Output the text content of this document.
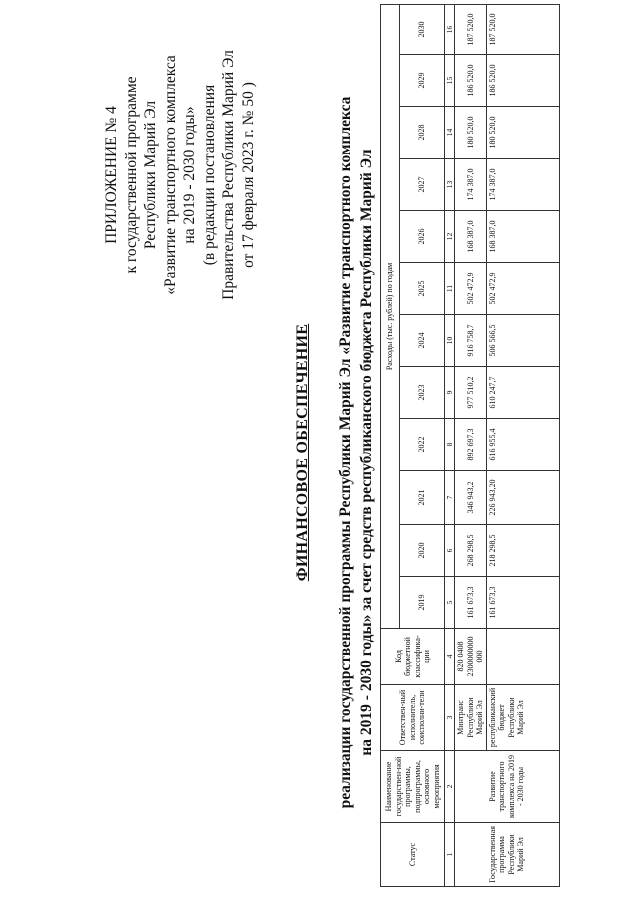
ПРИЛОЖЕНИЕ № 4 к государственной программе Республики Марий Эл «Развитие транспортного комплекса на 2019 - 2030 годы» (в редакции постановления Правительства Республики Марий Эл от 17 февраля 2023 г. № 50 )
ФИНАНСОВОЕ ОБЕСПЕЧЕНИЕ реализации государственной программы Республики Марий Эл «Развитие транспортного комплекса на 2019 - 2030 годы» за счет средств республиканского бюджета Республики Марий Эл
Статус	Наименование государствен-ной программы, подпрограммы, основного мероприятия	Ответствен-ный исполнитель, соисполни-тели	Код бюджетной классифика-ции	Расходы (тыс. рублей) по годам											
				2019	2020	2021	2022	2023	2024	2025	2026	2027	2028	2029	2030
1	2	3	4	5	6	7	8	9	10	11	12	13	14	15	16
Государственная программа Республики Марий Эл	Развитие транспортного комплекса на 2019 - 2030 годы	Минтранс Республики Марий Эл	820 0408 2300000000 000	161 673,3	268 298,5	346 943,2	892 697,3	977 510,2	916 758,7	502 472,9	168 387,0	174 387,0	180 520,0	186 520,0	187 520,0
		республиканский бюджет Республики Марий Эл		161 673,3	218 298,5	226 943,20	616 955,4	610 247,7	506 566,5	502 472,9	168 387,0	174 387,0	180 520,0	186 520,0	187 520,0
